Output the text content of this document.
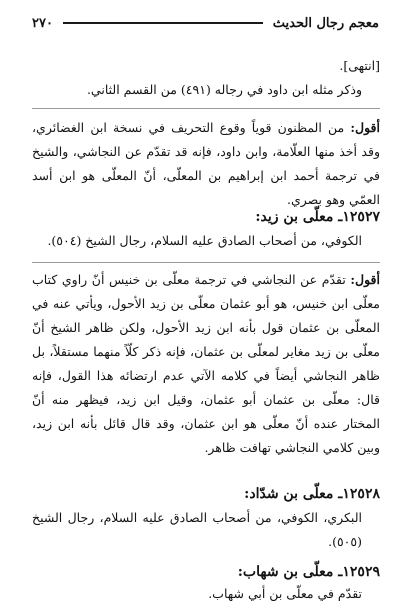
معجم رجال الحديث
٢٧٠

[انتهى].

وذكر مثله ابن داود في رجاله (٤٩١) من القسم الثاني.

أقول: من المظنون قوياً وقوع التحريف في نسخة ابن الغضائري، وقد أخذ منها العلّامة، وابن داود، فإنه قد تقدّم عن النجاشي، والشيخ في ترجمة أحمد ابن إبراهيم بن المعلّى، أنّ المعلّى هو ابن أسد العمّي وهو بصري.

١٢٥٢٧ـ معلّى بن زيد:

الكوفي، من أصحاب الصادق عليه السلام، رجال الشيخ (٥٠٤).

أقول: تقدّم عن النجاشي في ترجمة معلّى بن خنيس أنّ راوي كتاب معلّى ابن خنيس، هو أبو عثمان معلّى بن زيد الأحول، ويأتي عنه في المعلّى بن عثمان قول بأنه ابن زيد الأحول، ولكن ظاهر الشيخ أنّ معلّى بن زيد مغاير لمعلّى بن عثمان، فإنه ذكر كلّاً منهما مستقلاً، بل ظاهر النجاشي أيضاً في كلامه الآتي عدم ارتضائه هذا القول، فإنه قال: معلّى بن عثمان أبو عثمان، وقيل ابن زيد، فيظهر منه أنّ المختار عنده أنّ معلّى هو ابن عثمان، وقد قال قائل بأنه ابن زيد، وبين كلامي النجاشي تهافت ظاهر.

١٢٥٢٨ـ معلّى بن شدّاد:

البكري، الكوفي، من أصحاب الصادق عليه السلام، رجال الشيخ (٥٠٥).

١٢٥٢٩ـ معلّى بن شهاب:

تقدّم في معلّى بن أبي شهاب.
